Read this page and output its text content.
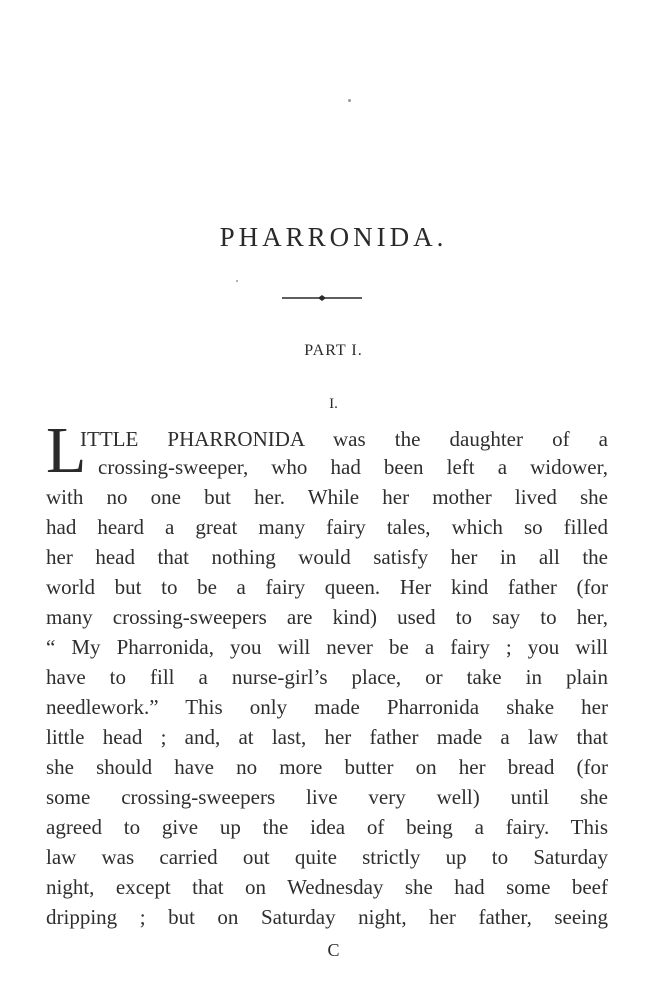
PHARRONIDA.
PART I.
I.
L
ITTLE PHARRONIDA was the daughter of a
crossing-sweeper, who had been left a widower,
with no one but her. While her mother lived she
had heard a great many fairy tales, which so filled
her head that nothing would satisfy her in all the
world but to be a fairy queen. Her kind father (for
many crossing-sweepers are kind) used to say to her,
“ My Pharronida, you will never be a fairy ; you will
have to fill a nurse-girl’s place, or take in plain
needlework.” This only made Pharronida shake her
little head ; and, at last, her father made a law that
she should have no more butter on her bread (for
some crossing-sweepers live very well) until she
agreed to give up the idea of being a fairy. This
law was carried out quite strictly up to Saturday
night, except that on Wednesday she had some beef
dripping ; but on Saturday night, her father, seeing
C
